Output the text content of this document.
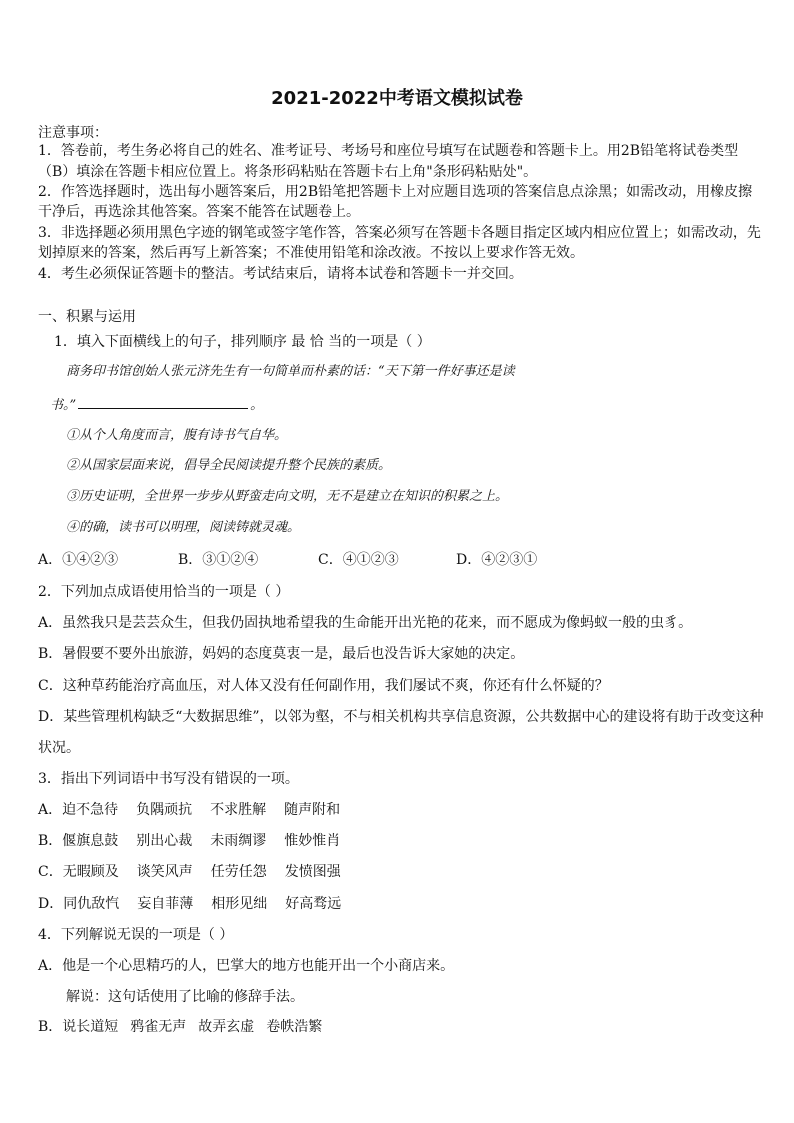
2021-2022中考语文模拟试卷
注意事项：
1．答卷前，考生务必将自己的姓名、准考证号、考场号和座位号填写在试题卷和答题卡上。用2B铅笔将试卷类型
（B）填涂在答题卡相应位置上。将条形码粘贴在答题卡右上角"条形码粘贴处"。
2．作答选择题时，选出每小题答案后，用2B铅笔把答题卡上对应题目选项的答案信息点涂黑；如需改动，用橡皮擦
干净后，再选涂其他答案。答案不能答在试题卷上。
3．非选择题必须用黑色字迹的钢笔或签字笔作答，答案必须写在答题卡各题目指定区域内相应位置上；如需改动，先
划掉原来的答案，然后再写上新答案；不准使用铅笔和涂改液。不按以上要求作答无效。
4．考生必须保证答题卡的整洁。考试结束后，请将本试卷和答题卡一并交回。
一、积累与运用
1．填入下面横线上的句子，排列顺序 最 恰 当的一项是（ ）
商务印书馆创始人张元济先生有一句简单而朴素的话：“天下第一件好事还是读
书。”	。
①从个人角度而言，腹有诗书气自华。
②从国家层面来说，倡导全民阅读提升整个民族的素质。
③历史证明，全世界一步步从野蛮走向文明，无不是建立在知识的积累之上。
④的确，读书可以明理，阅读铸就灵魂。
A．①④②③	B．③①②④	C．④①②③	D．④②③①
2．下列加点成语使用恰当的一项是（ ）
A．虽然我只是芸芸众生，但我仍固执地希望我的生命能开出光艳的花来，而不愿成为像蚂蚁一般的虫豸。
B．暑假要不要外出旅游，妈妈的态度莫衷一是，最后也没告诉大家她的决定。
C．这种草药能治疗高血压，对人体又没有任何副作用，我们屡试不爽，你还有什么怀疑的？
D．某些管理机构缺乏“大数据思维”，以邻为壑，不与相关机构共享信息资源，公共数据中心的建设将有助于改变这种
状况。
3．指出下列词语中书写没有错误的一项。
A．迫不急待 负隅顽抗 不求胜解 随声附和
B．偃旗息鼓 别出心裁 未雨绸谬 惟妙惟肖
C．无暇顾及 谈笑风声 任劳任怨 发愤图强
D．同仇敌忾 妄自菲薄 相形见绌 好高骛远
4．下列解说无误的一项是（ ）
A．他是一个心思精巧的人，巴掌大的地方也能开出一个小商店来。
解说：这句话使用了比喻的修辞手法。
B．说长道短 鸦雀无声 故弄玄虚 卷帙浩繁
